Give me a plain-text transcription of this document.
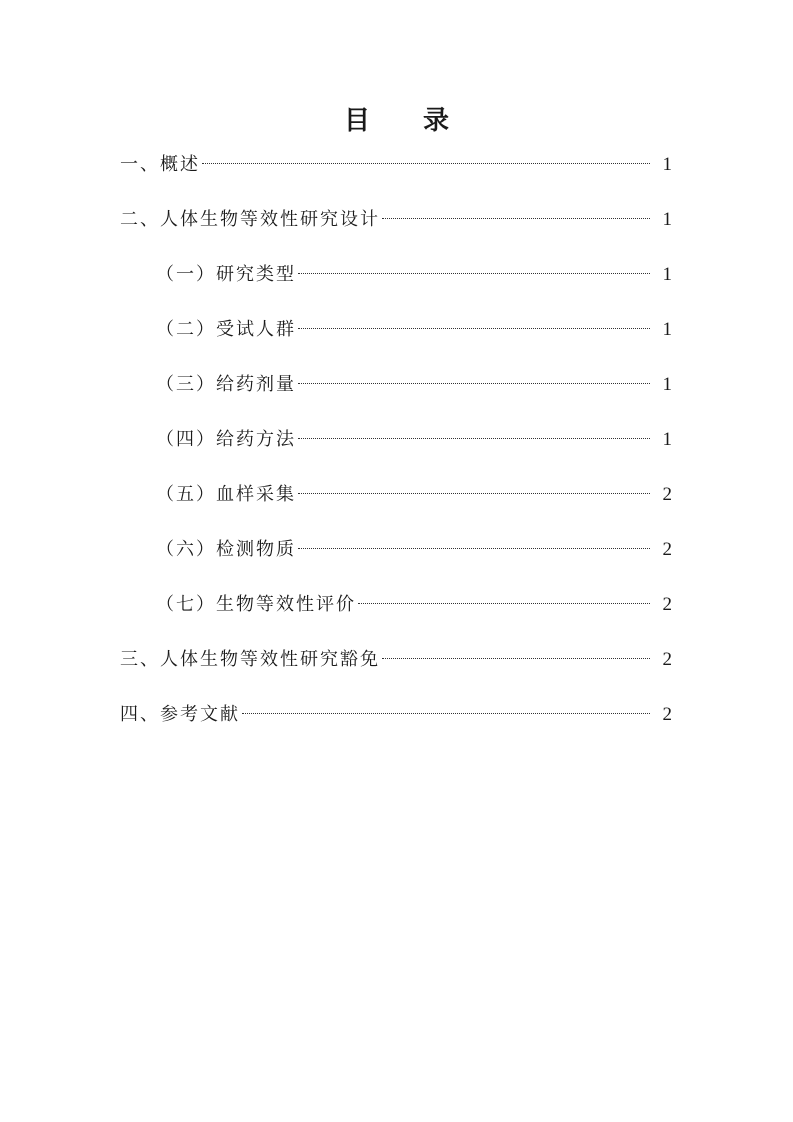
目 录
一、概述	1
二、人体生物等效性研究设计	1
（一）研究类型	1
（二）受试人群	1
（三）给药剂量	1
（四）给药方法	1
（五）血样采集	2
（六）检测物质	2
（七）生物等效性评价	2
三、人体生物等效性研究豁免	2
四、参考文献	2
